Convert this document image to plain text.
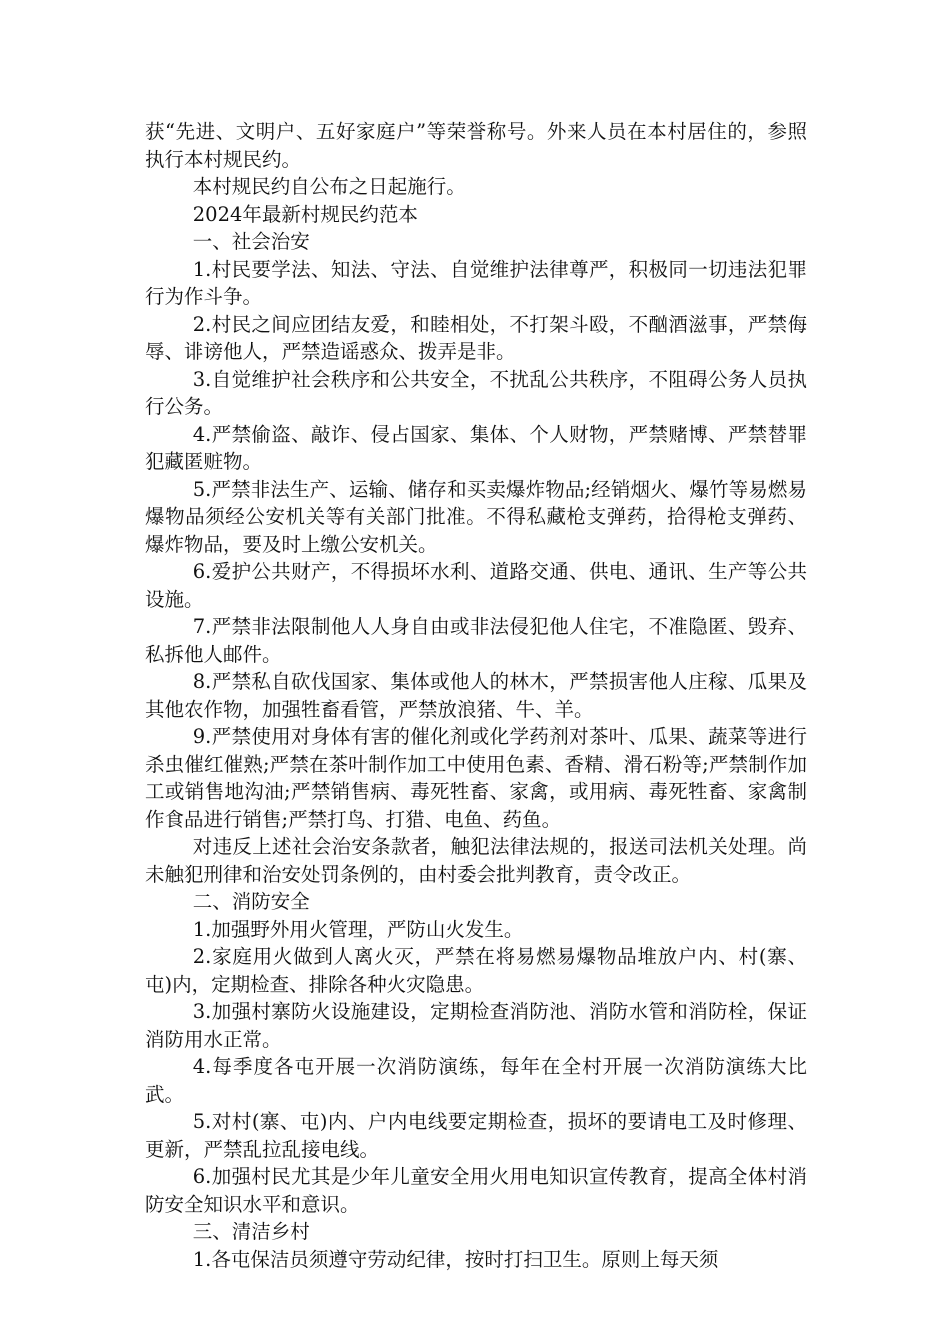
获“先进、文明户、五好家庭户”等荣誉称号。外来人员在本村居住的，参照执行本村规民约。

本村规民约自公布之日起施行。

2024年最新村规民约范本

一、社会治安

1.村民要学法、知法、守法、自觉维护法律尊严，积极同一切违法犯罪行为作斗争。

2.村民之间应团结友爱，和睦相处，不打架斗殴，不酗酒滋事，严禁侮辱、诽谤他人，严禁造谣惑众、拨弄是非。

3.自觉维护社会秩序和公共安全，不扰乱公共秩序，不阻碍公务人员执行公务。

4.严禁偷盗、敲诈、侵占国家、集体、个人财物，严禁赌博、严禁替罪犯藏匿赃物。

5.严禁非法生产、运输、储存和买卖爆炸物品;经销烟火、爆竹等易燃易爆物品须经公安机关等有关部门批准。不得私藏枪支弹药，拾得枪支弹药、爆炸物品，要及时上缴公安机关。

6.爱护公共财产，不得损坏水利、道路交通、供电、通讯、生产等公共设施。

7.严禁非法限制他人人身自由或非法侵犯他人住宅，不准隐匿、毁弃、私拆他人邮件。

8.严禁私自砍伐国家、集体或他人的林木，严禁损害他人庄稼、瓜果及其他农作物，加强牲畜看管，严禁放浪猪、牛、羊。

9.严禁使用对身体有害的催化剂或化学药剂对茶叶、瓜果、蔬菜等进行杀虫催红催熟;严禁在茶叶制作加工中使用色素、香精、滑石粉等;严禁制作加工或销售地沟油;严禁销售病、毒死牲畜、家禽，或用病、毒死牲畜、家禽制作食品进行销售;严禁打鸟、打猎、电鱼、药鱼。

对违反上述社会治安条款者，触犯法律法规的，报送司法机关处理。尚未触犯刑律和治安处罚条例的，由村委会批判教育，责令改正。

二、消防安全

1.加强野外用火管理，严防山火发生。

2.家庭用火做到人离火灭，严禁在将易燃易爆物品堆放户内、村(寨、屯)内，定期检查、排除各种火灾隐患。

3.加强村寨防火设施建设，定期检查消防池、消防水管和消防栓，保证消防用水正常。

4.每季度各屯开展一次消防演练，每年在全村开展一次消防演练大比武。

5.对村(寨、屯)内、户内电线要定期检查，损坏的要请电工及时修理、更新，严禁乱拉乱接电线。

6.加强村民尤其是少年儿童安全用火用电知识宣传教育，提高全体村消防安全知识水平和意识。

三、清洁乡村

1.各屯保洁员须遵守劳动纪律，按时打扫卫生。原则上每天须
